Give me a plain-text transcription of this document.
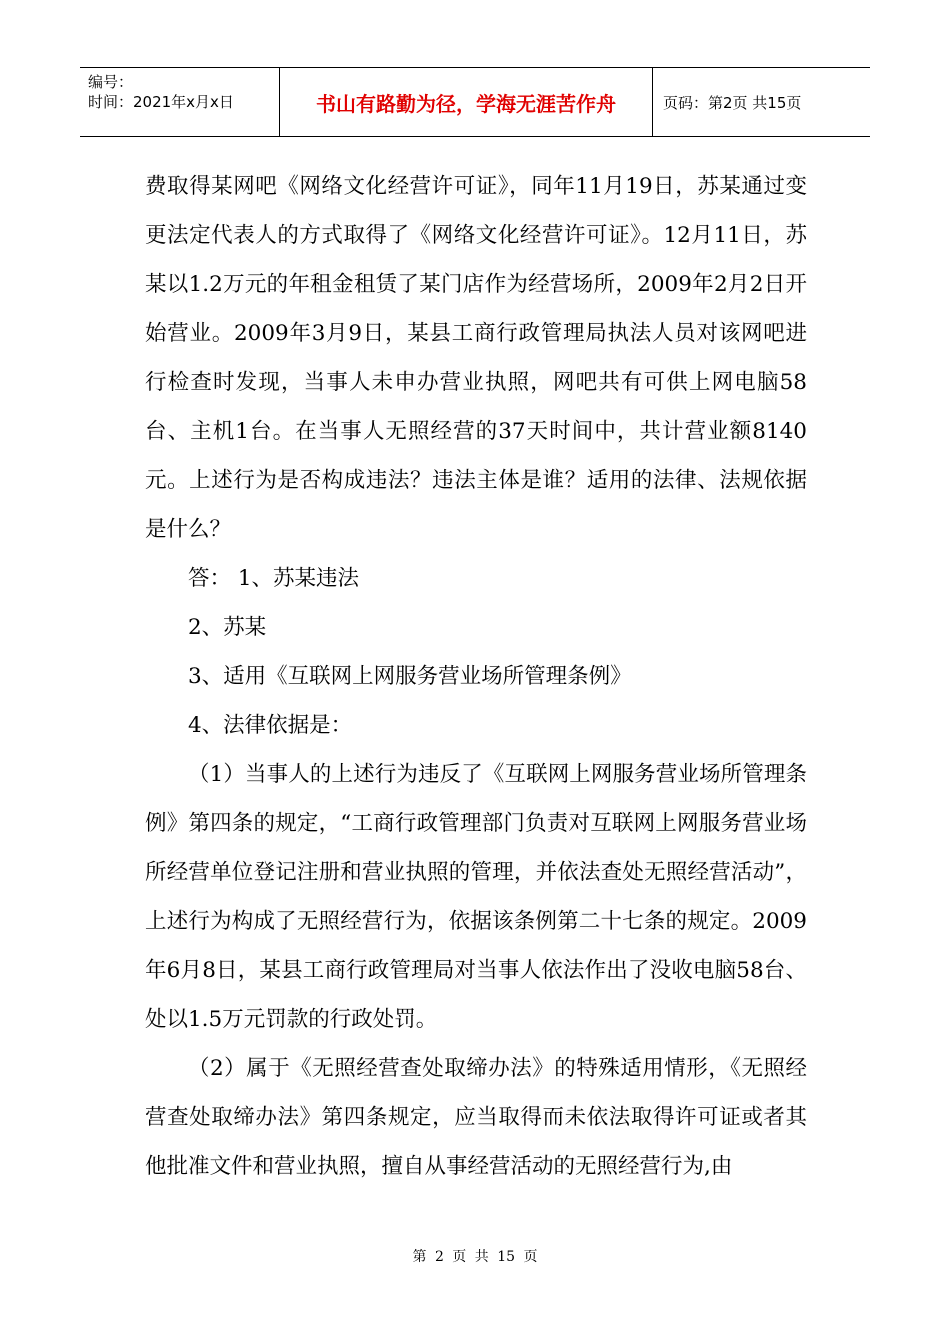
编号：
时间：2021年x月x日	书山有路勤为径，学海无涯苦作舟	页码：第2页 共15页

费取得某网吧《网络文化经营许可证》，同年11月19日，苏某通过变更法定代表人的方式取得了《网络文化经营许可证》。12月11日，苏某以1.2万元的年租金租赁了某门店作为经营场所，2009年2月2日开始营业。2009年3月9日，某县工商行政管理局执法人员对该网吧进行检查时发现，当事人未申办营业执照，网吧共有可供上网电脑58台、主机1台。在当事人无照经营的37天时间中，共计营业额8140元。上述行为是否构成违法？违法主体是谁？适用的法律、法规依据是什么？

答： 1、苏某违法

2、苏某

3、适用《互联网上网服务营业场所管理条例》

4、法律依据是：

（1）当事人的上述行为违反了《互联网上网服务营业场所管理条例》第四条的规定，“工商行政管理部门负责对互联网上网服务营业场所经营单位登记注册和营业执照的管理，并依法查处无照经营活动”，上述行为构成了无照经营行为，依据该条例第二十七条的规定。2009年6月8日，某县工商行政管理局对当事人依法作出了没收电脑58台、处以1.5万元罚款的行政处罚。

（2）属于《无照经营查处取缔办法》的特殊适用情形，《无照经营查处取缔办法》第四条规定，应当取得而未依法取得许可证或者其他批准文件和营业执照，擅自从事经营活动的无照经营行为,由

第 2 页 共 15 页
